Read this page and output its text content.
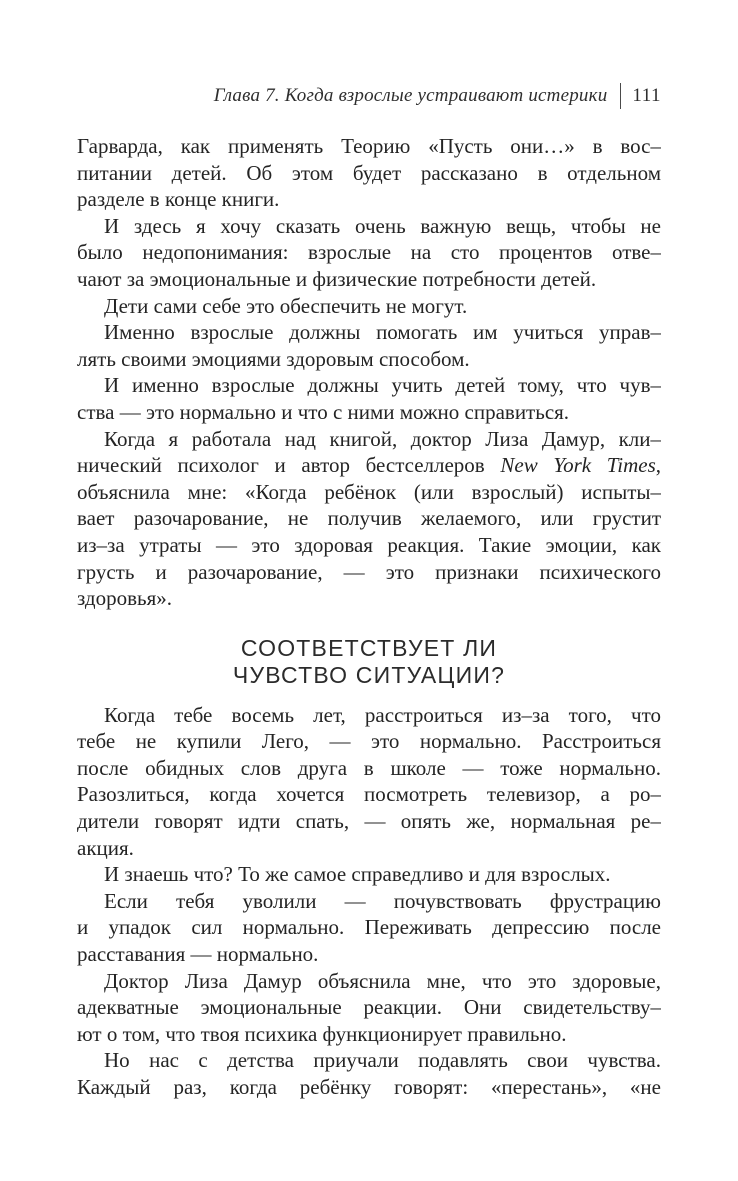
Глава 7. Когда взрослые устраивают истерики 111
Гарварда, как применять Теорию «Пусть они…» в вос–
питании детей. Об этом будет рассказано в отдельном
разделе в конце книги.
И здесь я хочу сказать очень важную вещь, чтобы не
было недопонимания: взрослые на сто процентов отве–
чают за эмоциональные и физические потребности детей.
Дети сами себе это обеспечить не могут.
Именно взрослые должны помогать им учиться управ–
лять своими эмоциями здоровым способом.
И именно взрослые должны учить детей тому, что чув–
ства — это нормально и что с ними можно справиться.
Когда я работала над книгой, доктор Лиза Дамур, кли–
нический психолог и автор бестселлеров New York Times,
объяснила мне: «Когда ребёнок (или взрослый) испыты–
вает разочарование, не получив желаемого, или грустит
из–за утраты — это здоровая реакция. Такие эмоции, как
грусть и разочарование, — это признаки психического
здоровья».
СООТВЕТСТВУЕТ ЛИ
ЧУВСТВО СИТУАЦИИ?
Когда тебе восемь лет, расстроиться из–за того, что
тебе не купили Лего, — это нормально. Расстроиться
после обидных слов друга в школе — тоже нормально.
Разозлиться, когда хочется посмотреть телевизор, а ро–
дители говорят идти спать, — опять же, нормальная ре–
акция.
И знаешь что? То же самое справедливо и для взрослых.
Если тебя уволили — почувствовать фрустрацию
и упадок сил нормально. Переживать депрессию после
расставания — нормально.
Доктор Лиза Дамур объяснила мне, что это здоровые,
адекватные эмоциональные реакции. Они свидетельству–
ют о том, что твоя психика функционирует правильно.
Но нас с детства приучали подавлять свои чувства.
Каждый раз, когда ребёнку говорят: «перестань», «не
